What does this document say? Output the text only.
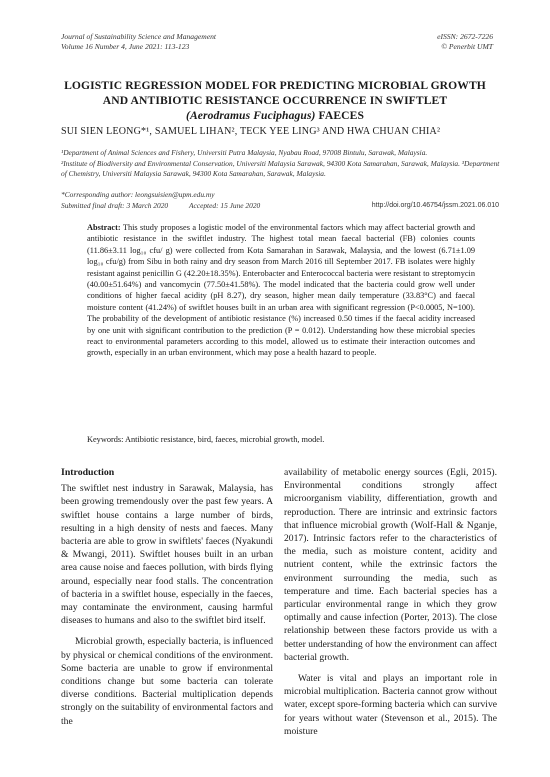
Journal of Sustainability Science and Management
Volume 16 Number 4, June 2021: 113-123
eISSN: 2672-7226
© Penerbit UMT
LOGISTIC REGRESSION MODEL FOR PREDICTING MICROBIAL GROWTH
AND ANTIBIOTIC RESISTANCE OCCURRENCE IN SWIFTLET
(Aerodramus Fuciphagus) FAECES
SUI SIEN LEONG*¹, SAMUEL LIHAN², TECK YEE LING³ AND HWA CHUAN CHIA²
¹Department of Animal Sciences and Fishery, Universiti Putra Malaysia, Nyabau Road, 97008 Bintulu, Sarawak, Malaysia.
²Institute of Biodiversity and Environmental Conservation, Universiti Malaysia Sarawak, 94300 Kota Samarahan, Sarawak, Malaysia. ³Department of Chemistry, Universiti Malaysia Sarawak, 94300 Kota Samarahan, Sarawak, Malaysia.
*Corresponding author: leongsuisien@upm.edu.my
Submitted final draft: 3 March 2020	Accepted: 15 June 2020	http://doi.org/10.46754/jssm.2021.06.010
Abstract: This study proposes a logistic model of the environmental factors which may affect bacterial growth and antibiotic resistance in the swiftlet industry. The highest total mean faecal bacterial (FB) colonies counts (11.86±3.11 log₁₀ cfu/ g) were collected from Kota Samarahan in Sarawak, Malaysia, and the lowest (6.71±1.09 log₁₀ cfu/g) from Sibu in both rainy and dry season from March 2016 till September 2017. FB isolates were highly resistant against penicillin G (42.20±18.35%). Enterobacter and Enterococcal bacteria were resistant to streptomycin (40.00±51.64%) and vancomycin (77.50±41.58%). The model indicated that the bacteria could grow well under conditions of higher faecal acidity (pH 8.27), dry season, higher mean daily temperature (33.83°C) and faecal moisture content (41.24%) of swiftlet houses built in an urban area with significant regression (P<0.0005, N=100). The probability of the development of antibiotic resistance (%) increased 0.50 times if the faecal acidity increased by one unit with significant contribution to the prediction (P = 0.012). Understanding how these microbial species react to environmental parameters according to this model, allowed us to estimate their interaction outcomes and growth, especially in an urban environment, which may pose a health hazard to people.
Keywords: Antibiotic resistance, bird, faeces, microbial growth, model.
Introduction

The swiftlet nest industry in Sarawak, Malaysia, has been growing tremendously over the past few years. A swiftlet house contains a large number of birds, resulting in a high density of nests and faeces. Many bacteria are able to grow in swiftlets' faeces (Nyakundi & Mwangi, 2011). Swiftlet houses built in an urban area cause noise and faeces pollution, with birds flying around, especially near food stalls. The concentration of bacteria in a swiftlet house, especially in the faeces, may contaminate the environment, causing harmful diseases to humans and also to the swiftlet bird itself.

Microbial growth, especially bacteria, is influenced by physical or chemical conditions of the environment. Some bacteria are unable to grow if environmental conditions change but some bacteria can tolerate diverse conditions. Bacterial multiplication depends strongly on the suitability of environmental factors and the

availability of metabolic energy sources (Egli, 2015). Environmental conditions strongly affect microorganism viability, differentiation, growth and reproduction. There are intrinsic and extrinsic factors that influence microbial growth (Wolf-Hall & Nganje, 2017). Intrinsic factors refer to the characteristics of the media, such as moisture content, acidity and nutrient content, while the extrinsic factors the environment surrounding the media, such as temperature and time. Each bacterial species has a particular environmental range in which they grow optimally and cause infection (Porter, 2013). The close relationship between these factors provide us with a better understanding of how the environment can affect bacterial growth.

Water is vital and plays an important role in microbial multiplication. Bacteria cannot grow without water, except spore-forming bacteria which can survive for years without water (Stevenson et al., 2015). The moisture
